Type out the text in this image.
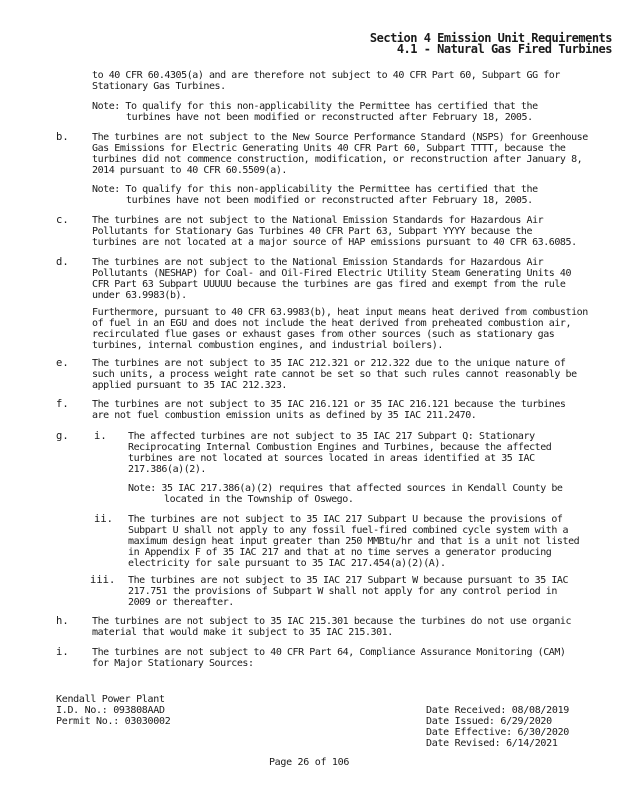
Section 4 Emission Unit Requirements
4.1 - Natural Gas Fired Turbines
to 40 CFR 60.4305(a) and are therefore not subject to 40 CFR Part 60, Subpart GG for Stationary Gas Turbines.
Note: To qualify for this non-applicability the Permittee has certified that the turbines have not been modified or reconstructed after February 18, 2005.
b. The turbines are not subject to the New Source Performance Standard (NSPS) for Greenhouse Gas Emissions for Electric Generating Units 40 CFR Part 60, Subpart TTTT, because the turbines did not commence construction, modification, or reconstruction after January 8, 2014 pursuant to 40 CFR 60.5509(a).
Note: To qualify for this non-applicability the Permittee has certified that the turbines have not been modified or reconstructed after February 18, 2005.
c. The turbines are not subject to the National Emission Standards for Hazardous Air Pollutants for Stationary Gas Turbines 40 CFR Part 63, Subpart YYYY because the turbines are not located at a major source of HAP emissions pursuant to 40 CFR 63.6085.
d. The turbines are not subject to the National Emission Standards for Hazardous Air Pollutants (NESHAP) for Coal- and Oil-Fired Electric Utility Steam Generating Units 40 CFR Part 63 Subpart UUUUU because the turbines are gas fired and exempt from the rule under 63.9983(b).
Furthermore, pursuant to 40 CFR 63.9983(b), heat input means heat derived from combustion of fuel in an EGU and does not include the heat derived from preheated combustion air, recirculated flue gases or exhaust gases from other sources (such as stationary gas turbines, internal combustion engines, and industrial boilers).
e. The turbines are not subject to 35 IAC 212.321 or 212.322 due to the unique nature of such units, a process weight rate cannot be set so that such rules cannot reasonably be applied pursuant to 35 IAC 212.323.
f. The turbines are not subject to 35 IAC 216.121 or 35 IAC 216.121 because the turbines are not fuel combustion emission units as defined by 35 IAC 211.2470.
g. i. The affected turbines are not subject to 35 IAC 217 Subpart Q: Stationary Reciprocating Internal Combustion Engines and Turbines, because the affected turbines are not located at sources located in areas identified at 35 IAC 217.386(a)(2).
Note: 35 IAC 217.386(a)(2) requires that affected sources in Kendall County be located in the Township of Oswego.
ii. The turbines are not subject to 35 IAC 217 Subpart U because the provisions of Subpart U shall not apply to any fossil fuel-fired combined cycle system with a maximum design heat input greater than 250 MMBtu/hr and that is a unit not listed in Appendix F of 35 IAC 217 and that at no time serves a generator producing electricity for sale pursuant to 35 IAC 217.454(a)(2)(A).
iii. The turbines are not subject to 35 IAC 217 Subpart W because pursuant to 35 IAC 217.751 the provisions of Subpart W shall not apply for any control period in 2009 or thereafter.
h. The turbines are not subject to 35 IAC 215.301 because the turbines do not use organic material that would make it subject to 35 IAC 215.301.
i. The turbines are not subject to 40 CFR Part 64, Compliance Assurance Monitoring (CAM) for Major Stationary Sources:
Kendall Power Plant
I.D. No.: 093808AAD
Permit No.: 03030002
Date Received: 08/08/2019
Date Issued: 6/29/2020
Date Effective: 6/30/2020
Date Revised: 6/14/2021
Page 26 of 106
